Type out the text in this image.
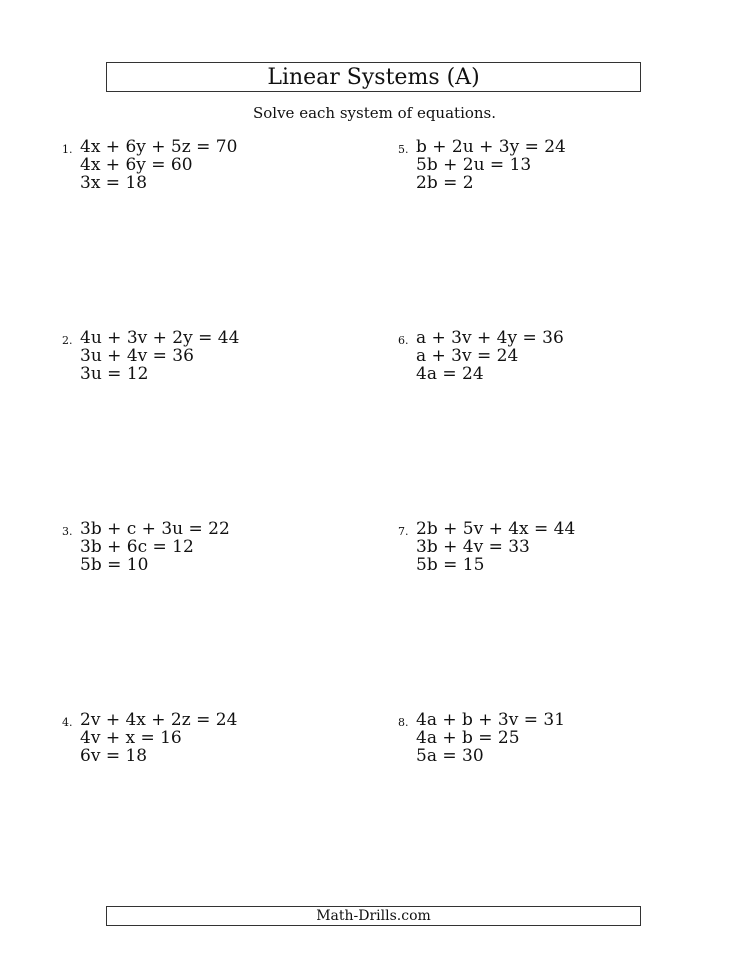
Linear Systems (A)
Solve each system of equations.
1. 4x + 6y + 5z = 70
4x + 6y = 60
3x = 18
2. 4u + 3v + 2y = 44
3u + 4v = 36
3u = 12
3. 3b + c + 3u = 22
3b + 6c = 12
5b = 10
4. 2v + 4x + 2z = 24
4v + x = 16
6v = 18
5. b + 2u + 3y = 24
5b + 2u = 13
2b = 2
6. a + 3v + 4y = 36
a + 3v = 24
4a = 24
7. 2b + 5v + 4x = 44
3b + 4v = 33
5b = 15
8. 4a + b + 3v = 31
4a + b = 25
5a = 30
Math-Drills.com
